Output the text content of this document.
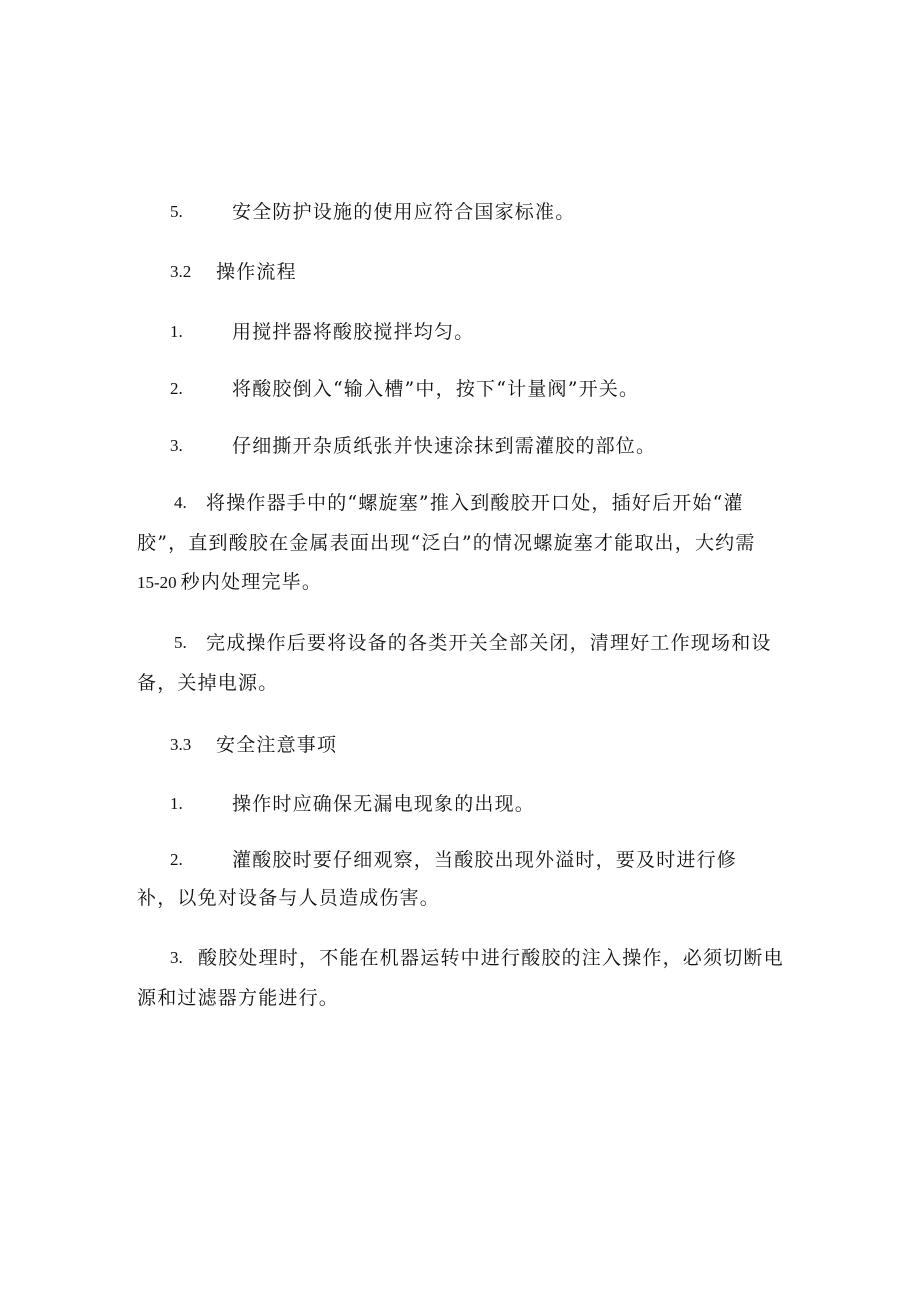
5.	安全防护设施的使用应符合国家标准。
3.2 操作流程
1.	用搅拌器将酸胶搅拌均匀。
2.	将酸胶倒入“输入槽”中，按下“计量阀”开关。
3.	仔细撕开杂质纸张并快速涂抹到需灌胶的部位。
4. 将操作器手中的“螺旋塞”推入到酸胶开口处，插好后开始“灌
胶”，直到酸胶在金属表面出现“泛白”的情况螺旋塞才能取出，大约需
15-20 秒内处理完毕。
5. 完成操作后要将设备的各类开关全部关闭，清理好工作现场和设
备，关掉电源。
3.3 安全注意事项
1.	操作时应确保无漏电现象的出现。
2.	灌酸胶时要仔细观察，当酸胶出现外溢时，要及时进行修
补，以免对设备与人员造成伤害。
3. 酸胶处理时，不能在机器运转中进行酸胶的注入操作，必须切断电
源和过滤器方能进行。
